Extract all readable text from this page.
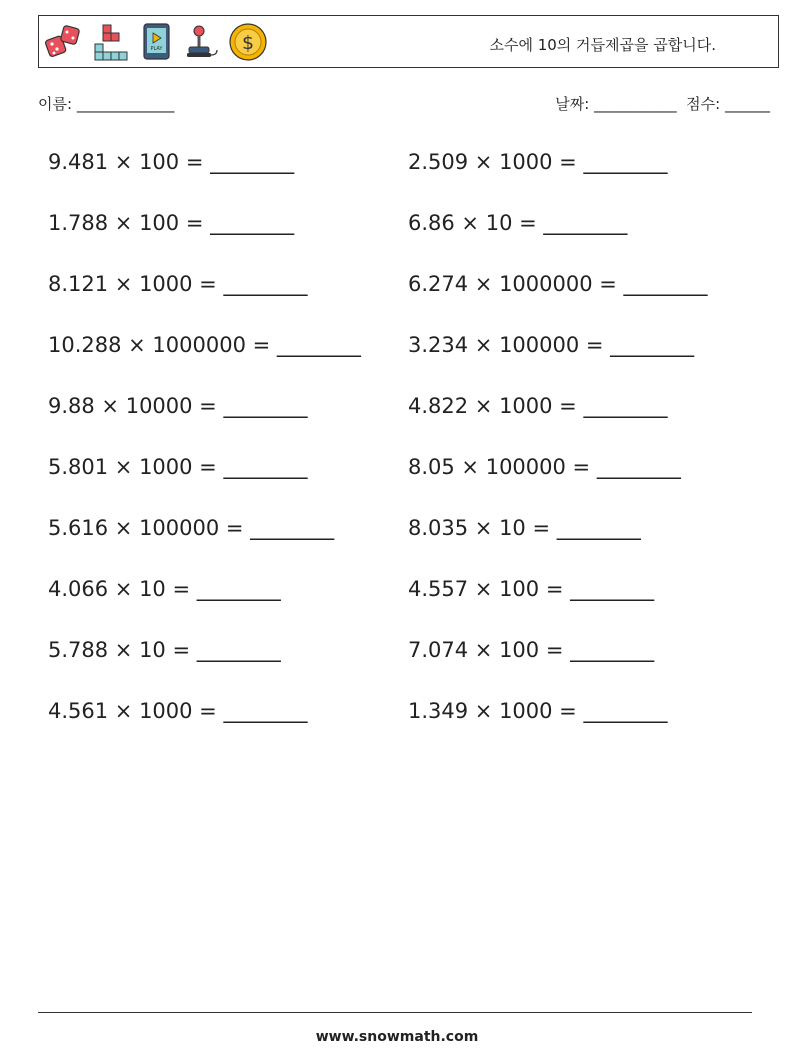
PLAY	$	소수에 10의 거듭제곱을 곱합니다.
이름: _____________	날짜: ___________ 점수: ______
9.481 × 100 = ________	2.509 × 1000 = ________
1.788 × 100 = ________	6.86 × 10 = ________
8.121 × 1000 = ________	6.274 × 1000000 = ________
10.288 × 1000000 = ________	3.234 × 100000 = ________
9.88 × 10000 = ________	4.822 × 1000 = ________
5.801 × 1000 = ________	8.05 × 100000 = ________
5.616 × 100000 = ________	8.035 × 10 = ________
4.066 × 10 = ________	4.557 × 100 = ________
5.788 × 10 = ________	7.074 × 100 = ________
4.561 × 1000 = ________	1.349 × 1000 = ________
www.snowmath.com
